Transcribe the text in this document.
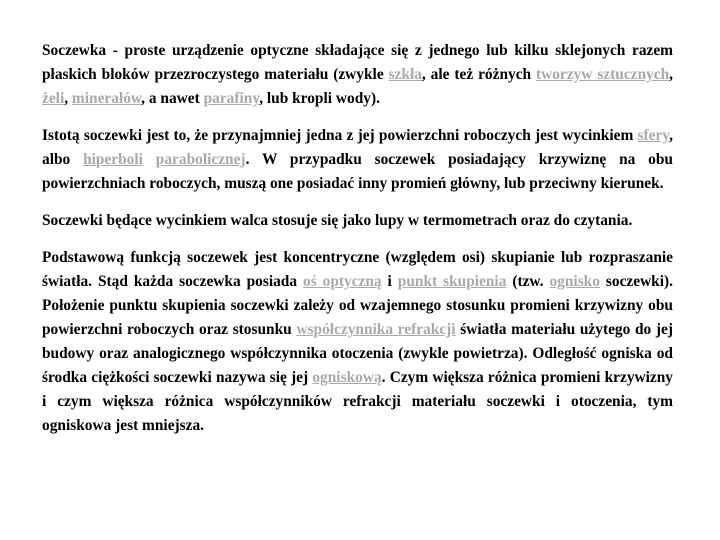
Soczewka - proste urządzenie optyczne składające się z jednego lub kilku sklejonych razem płaskich bloków przezroczystego materiału (zwykle szkła, ale też różnych tworzyw sztucznych, żeli, minerałów, a nawet parafiny, lub kropli wody).

Istotą soczewki jest to, że przynajmniej jedna z jej powierzchni roboczych jest wycinkiem sfery, albo hiperboli parabolicznej. W przypadku soczewek posiadający krzywiznę na obu powierzchniach roboczych, muszą one posiadać inny promień główny, lub przeciwny kierunek.

Soczewki będące wycinkiem walca stosuje się jako lupy w termometrach oraz do czytania.

Podstawową funkcją soczewek jest koncentryczne (względem osi) skupianie lub rozpraszanie światła. Stąd każda soczewka posiada oś optyczną i punkt skupienia (tzw. ognisko soczewki). Położenie punktu skupienia soczewki zależy od wzajemnego stosunku promieni krzywizny obu powierzchni roboczych oraz stosunku współczynnika refrakcji światła materiału użytego do jej budowy oraz analogicznego współczynnika otoczenia (zwykle powietrza). Odległość ogniska od środka ciężkości soczewki nazywa się jej ogniskową. Czym większa różnica promieni krzywizny i czym większa różnica współczynników refrakcji materiału soczewki i otoczenia, tym ogniskowa jest mniejsza.
